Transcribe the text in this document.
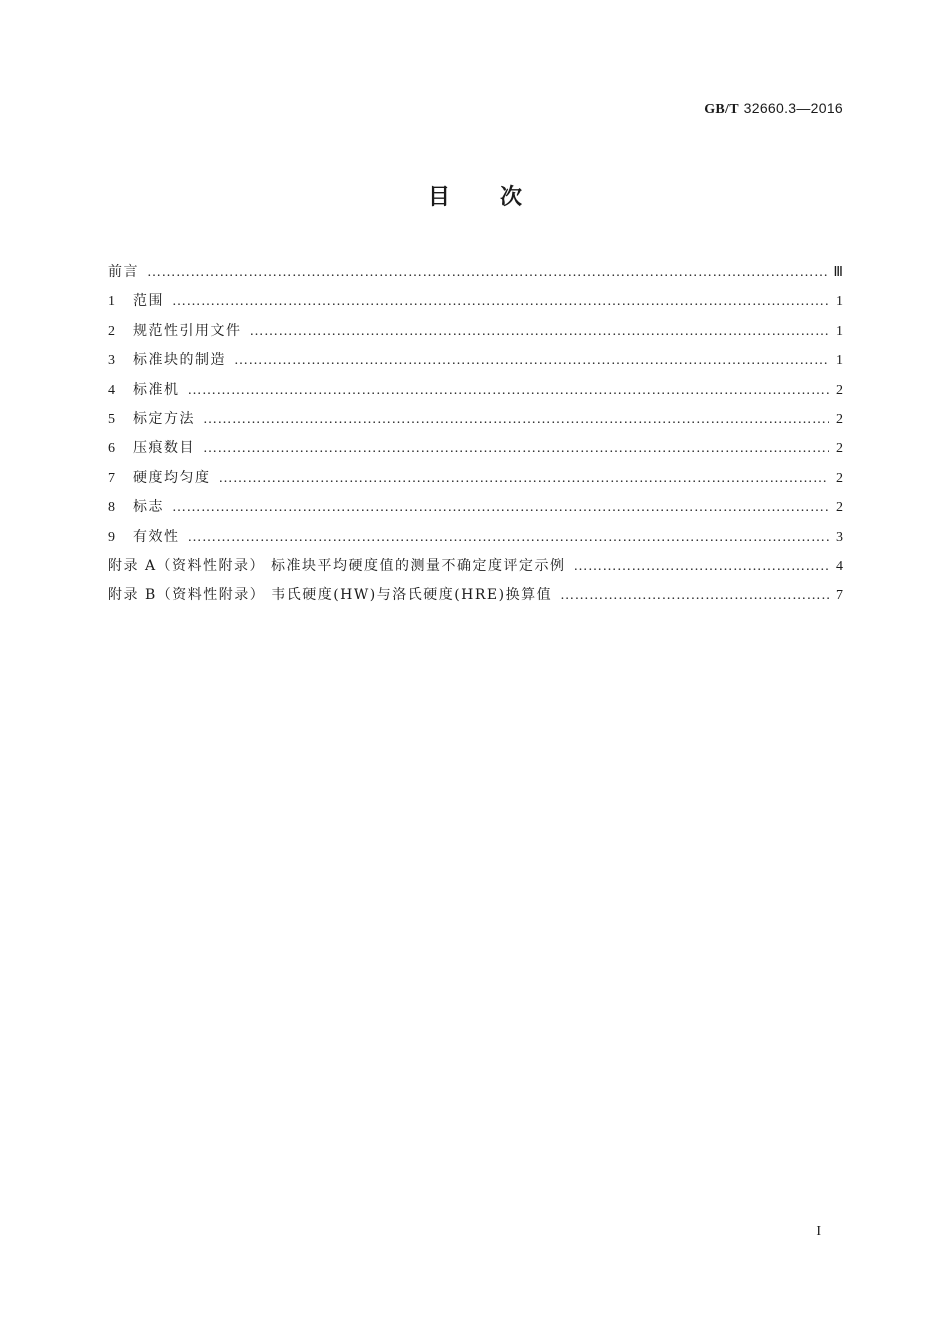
GB/T 32660.3—2016
目次
前言 ……………………………………………………………………………………………………………………………………………………………………………………………………………………	Ⅲ
1	范围 ……………………………………………………………………………………………………………………………………………………………………………………………………………………	1
2	规范性引用文件 ……………………………………………………………………………………………………………………………………………………………………………………………………………………	1
3	标准块的制造 ……………………………………………………………………………………………………………………………………………………………………………………………………………………	1
4	标准机 ……………………………………………………………………………………………………………………………………………………………………………………………………………………	2
5	标定方法 ……………………………………………………………………………………………………………………………………………………………………………………………………………………	2
6	压痕数目 ……………………………………………………………………………………………………………………………………………………………………………………………………………………	2
7	硬度均匀度 ……………………………………………………………………………………………………………………………………………………………………………………………………………………	2
8	标志 ……………………………………………………………………………………………………………………………………………………………………………………………………………………	2
9	有效性 ……………………………………………………………………………………………………………………………………………………………………………………………………………………	3
附录 A（资料性附录） 标准块平均硬度值的测量不确定度评定示例 ……………………………………………………………………………………………………………………………………………………………………………………………………………………	4
附录 B（资料性附录） 韦氏硬度(HW)与洛氏硬度(HRE)换算值 ……………………………………………………………………………………………………………………………………………………………………………………………………………………	7
I
